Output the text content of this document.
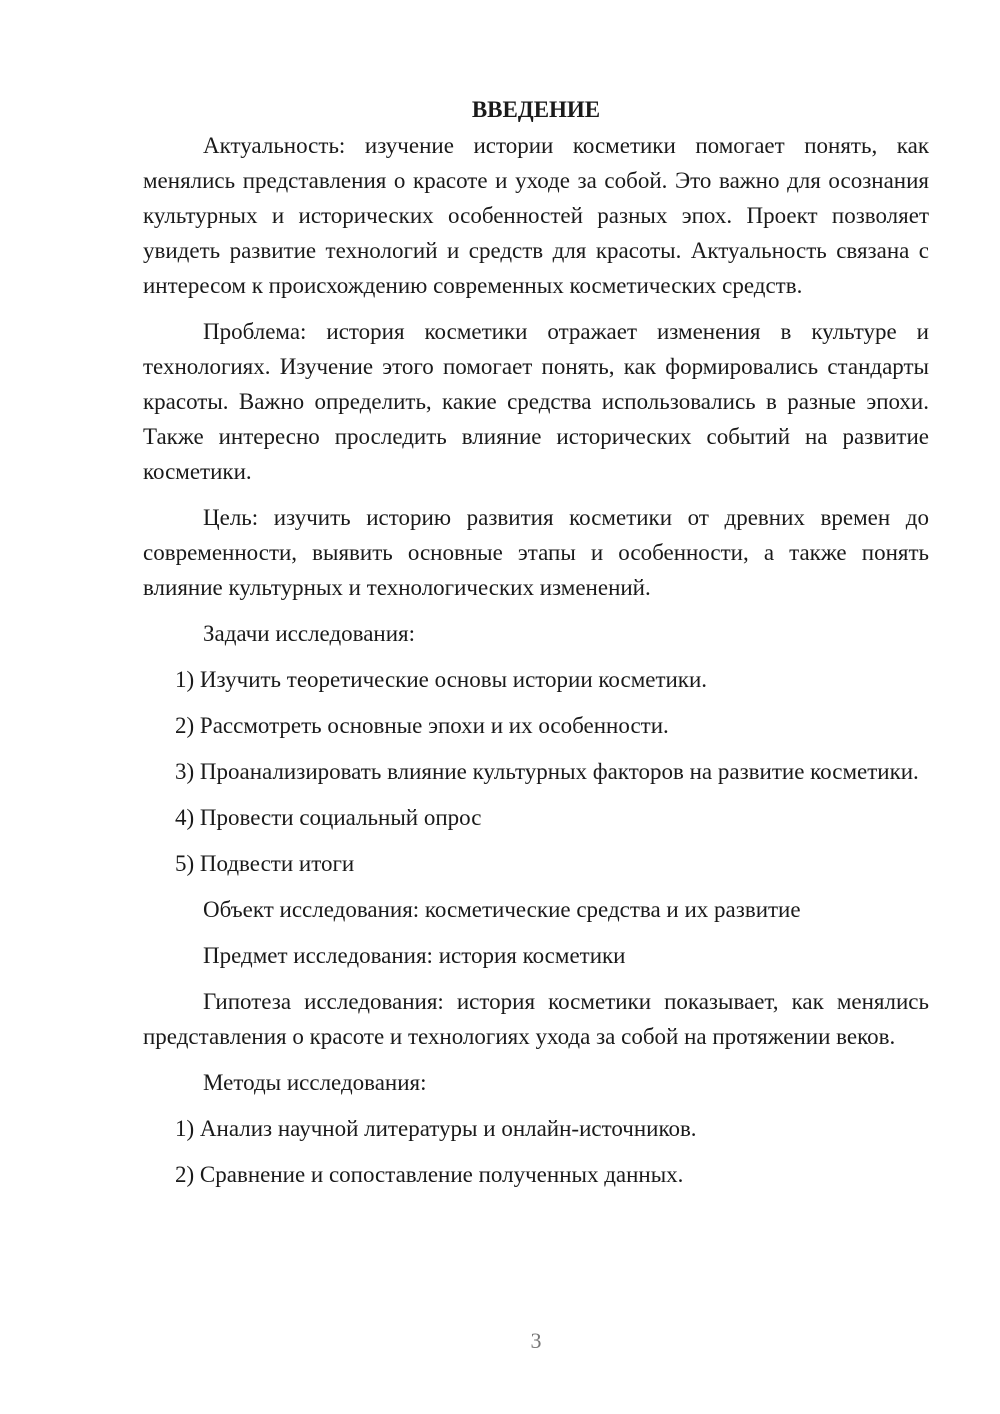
ВВЕДЕНИЕ

Актуальность: изучение истории косметики помогает понять, как менялись представления о красоте и уходе за собой. Это важно для осознания культурных и исторических особенностей разных эпох. Проект позволяет увидеть развитие технологий и средств для красоты. Актуальность связана с интересом к происхождению современных косметических средств.

Проблема: история косметики отражает изменения в культуре и технологиях. Изучение этого помогает понять, как формировались стандарты красоты. Важно определить, какие средства использовались в разные эпохи. Также интересно проследить влияние исторических событий на развитие косметики.

Цель: изучить историю развития косметики от древних времен до современности, выявить основные этапы и особенности, а также понять влияние культурных и технологических изменений.

Задачи исследования:

1) Изучить теоретические основы истории косметики.

2) Рассмотреть основные эпохи и их особенности.

3) Проанализировать влияние культурных факторов на развитие косметики.

4) Провести социальный опрос

5) Подвести итоги

Объект исследования: косметические средства и их развитие

Предмет исследования: история косметики

Гипотеза исследования: история косметики показывает, как менялись представления о красоте и технологиях ухода за собой на протяжении веков.

Методы исследования:

1) Анализ научной литературы и онлайн-источников.

2) Сравнение и сопоставление полученных данных.

3
